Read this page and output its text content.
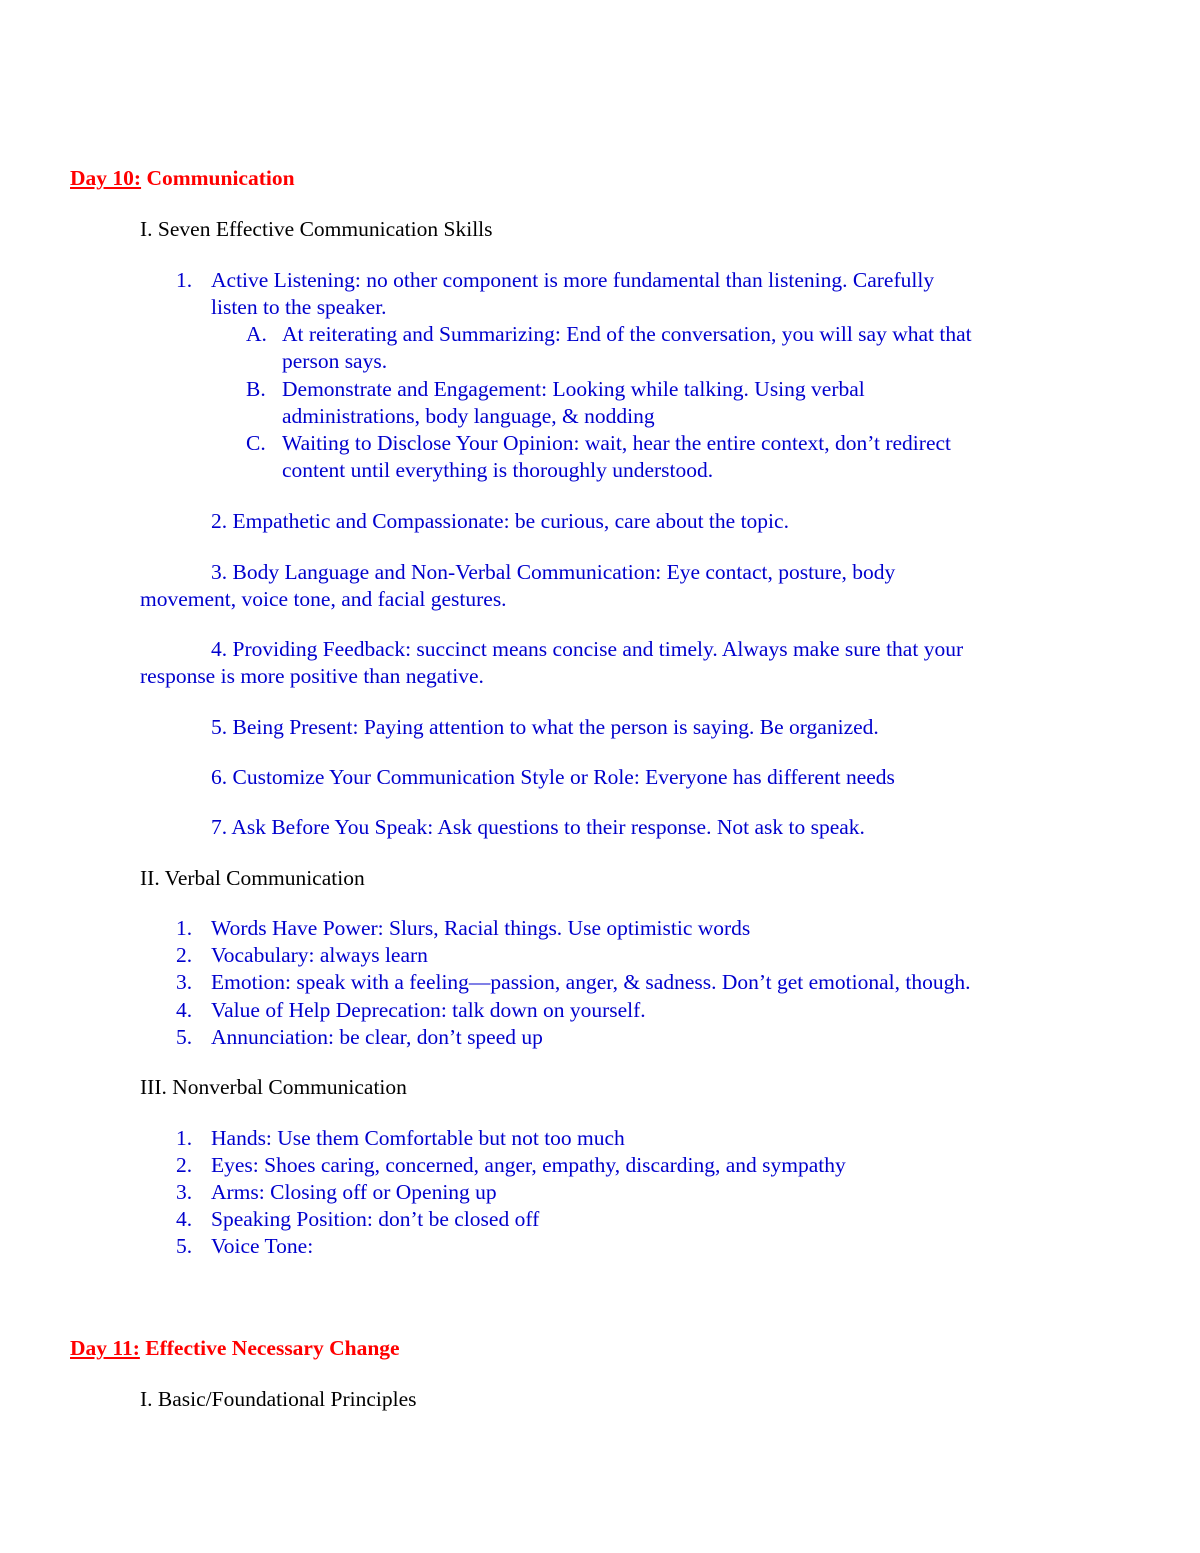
Day 10: Communication
I. Seven Effective Communication Skills
1. Active Listening: no other component is more fundamental than listening. Carefully
listen to the speaker.
A. At reiterating and Summarizing: End of the conversation, you will say what that
person says.
B. Demonstrate and Engagement: Looking while talking. Using verbal
administrations, body language, & nodding
C. Waiting to Disclose Your Opinion: wait, hear the entire context, don’t redirect
content until everything is thoroughly understood.
2. Empathetic and Compassionate: be curious, care about the topic.
3. Body Language and Non-Verbal Communication: Eye contact, posture, body
movement, voice tone, and facial gestures.
4. Providing Feedback: succinct means concise and timely. Always make sure that your
response is more positive than negative.
5. Being Present: Paying attention to what the person is saying. Be organized.
6. Customize Your Communication Style or Role: Everyone has different needs
7. Ask Before You Speak: Ask questions to their response. Not ask to speak.
II. Verbal Communication
1. Words Have Power: Slurs, Racial things. Use optimistic words
2. Vocabulary: always learn
3. Emotion: speak with a feeling—passion, anger, & sadness. Don’t get emotional, though.
4. Value of Help Deprecation: talk down on yourself.
5. Annunciation: be clear, don’t speed up
III. Nonverbal Communication
1. Hands: Use them Comfortable but not too much
2. Eyes: Shoes caring, concerned, anger, empathy, discarding, and sympathy
3. Arms: Closing off or Opening up
4. Speaking Position: don’t be closed off
5. Voice Tone:
Day 11: Effective Necessary Change
I. Basic/Foundational Principles
